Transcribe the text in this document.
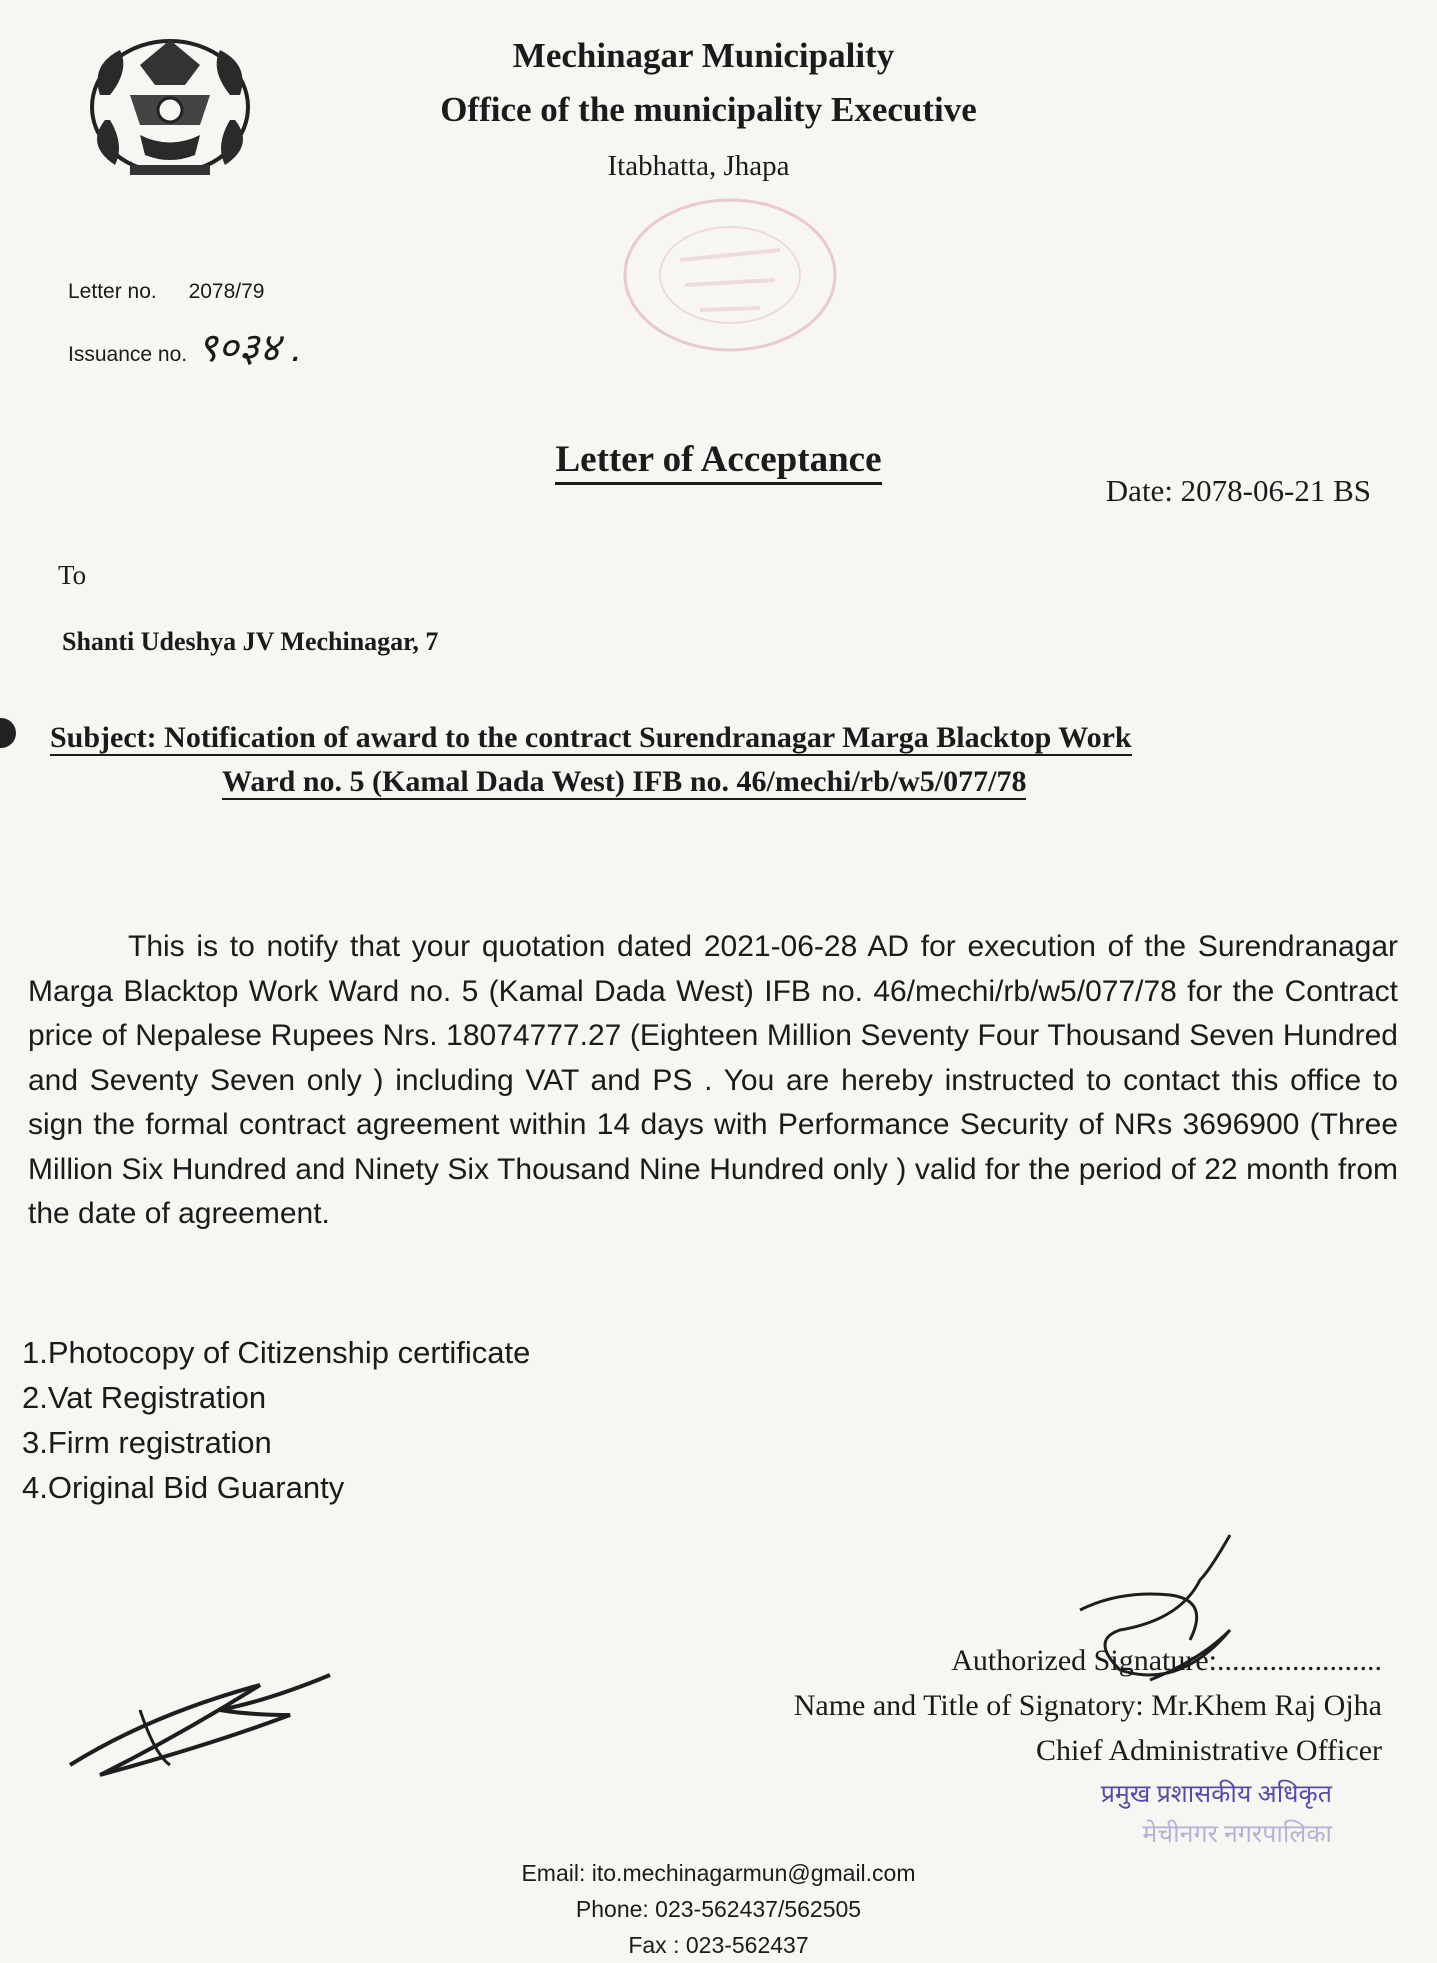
Mechinagar Municipality
Office of the municipality Executive
Itabhatta, Jhapa
Letter no. 2078/79
Issuance no. ९०३४ .
Letter of Acceptance
Date: 2078-06-21 BS
To
Shanti Udeshya JV Mechinagar, 7
Subject: Notification of award to the contract Surendranagar Marga Blacktop Work
Ward no. 5 (Kamal Dada West) IFB no. 46/mechi/rb/w5/077/78

This is to notify that your quotation dated 2021-06-28 AD for execution of the Surendranagar Marga Blacktop Work Ward no. 5 (Kamal Dada West) IFB no. 46/mechi/rb/w5/077/78 for the Contract price of Nepalese Rupees Nrs. 18074777.27 (Eighteen Million Seventy Four Thousand Seven Hundred and Seventy Seven only ) including VAT and PS . You are hereby instructed to contact this office to sign the formal contract agreement within 14 days with Performance Security of NRs 3696900 (Three Million Six Hundred and Ninety Six Thousand Nine Hundred only ) valid for the period of 22 month from the date of agreement.

1.Photocopy of Citizenship certificate
2.Vat Registration
3.Firm registration
4.Original Bid Guaranty
Authorized Signature:......................
Name and Title of Signatory: Mr.Khem Raj Ojha
Chief Administrative Officer
प्रमुख प्रशासकीय अधिकृत
मेचीनगर नगरपालिका
Email: ito.mechinagarmun@gmail.com
Phone: 023-562437/562505
Fax : 023-562437
